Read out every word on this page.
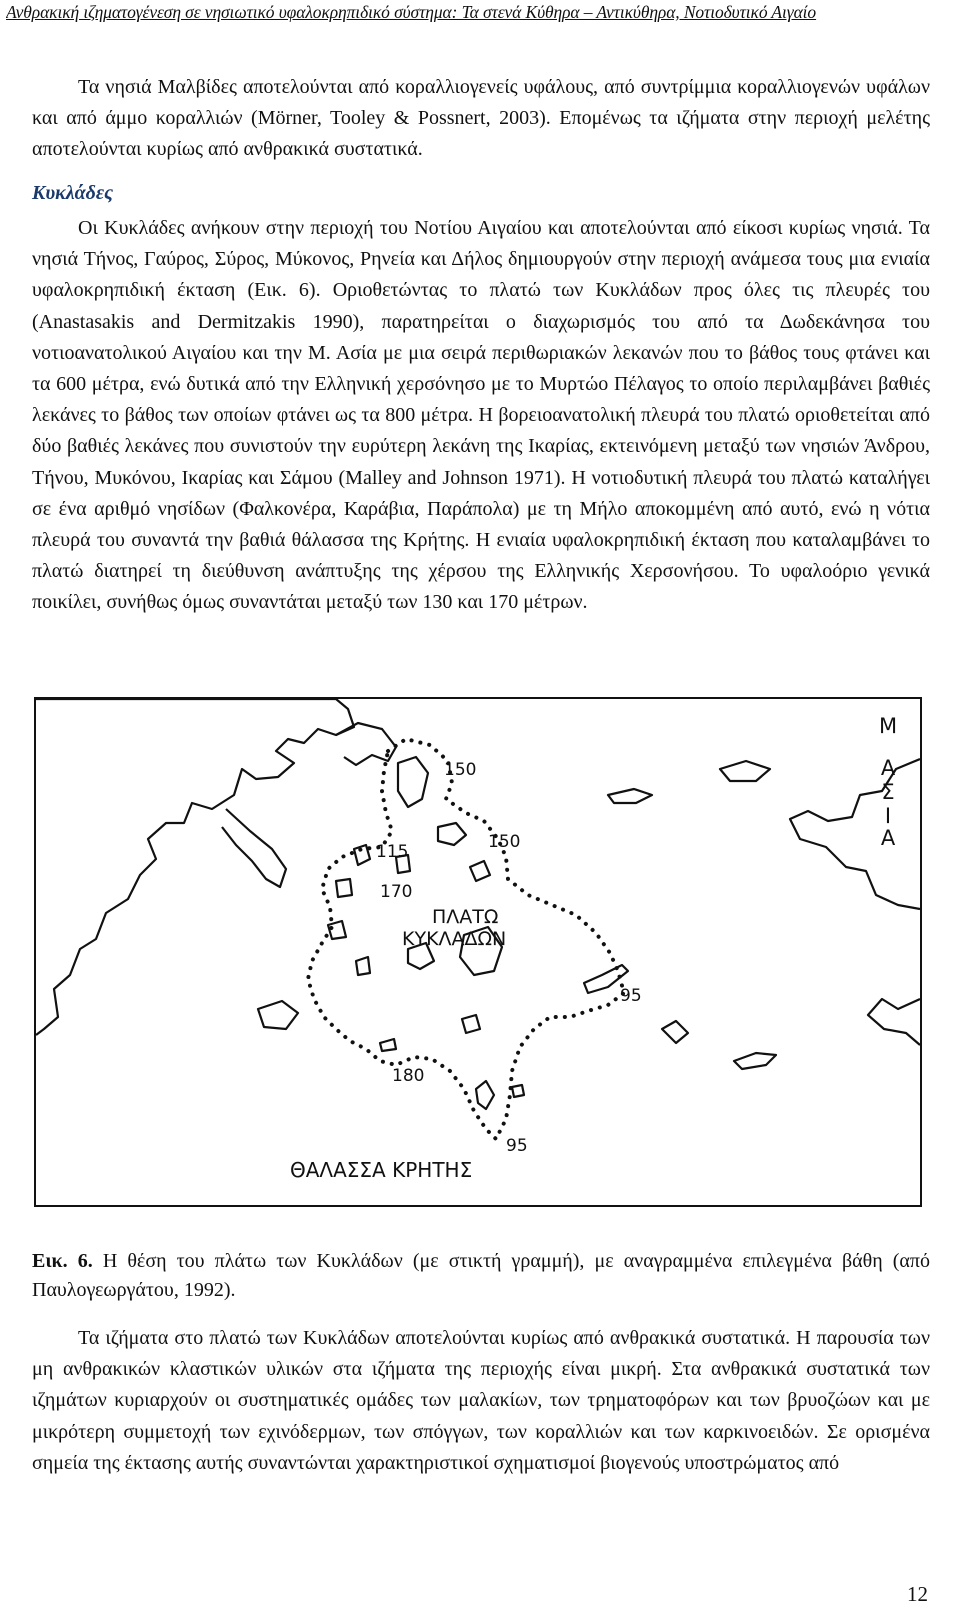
Ανθρακική ιζηματογένεση σε νησιωτικό υφαλοκρηπιδικό σύστημα: Τα στενά Κύθηρα – Αντικύθηρα, Νοτιοδυτικό Αιγαίο

Τα νησιά Μαλβίδες αποτελούνται από κοραλλιογενείς υφάλους, από συντρίμμια κοραλλιογενών υφάλων και από άμμο κοραλλιών (Mörner, Tooley & Possnert, 2003). Επομένως τα ιζήματα στην περιοχή μελέτης αποτελούνται κυρίως από ανθρακικά συστατικά.

Κυκλάδες

Οι Κυκλάδες ανήκουν στην περιοχή του Νοτίου Αιγαίου και αποτελούνται από είκοσι κυρίως νησιά. Τα νησιά Τήνος, Γαύρος, Σύρος, Μύκονος, Ρηνεία και Δήλος δημιουργούν στην περιοχή ανάμεσα τους μια ενιαία υφαλοκρηπιδική έκταση (Εικ. 6). Οριοθετώντας το πλατώ των Κυκλάδων προς όλες τις πλευρές του (Anastasakis and Dermitzakis 1990), παρατηρείται ο διαχωρισμός του από τα Δωδεκάνησα του νοτιοανατολικού Αιγαίου και την Μ. Ασία με μια σειρά περιθωριακών λεκανών που το βάθος τους φτάνει και τα 600 μέτρα, ενώ δυτικά από την Ελληνική χερσόνησο με το Μυρτώο Πέλαγος το οποίο περιλαμβάνει βαθιές λεκάνες το βάθος των οποίων φτάνει ως τα 800 μέτρα. Η βορειοανατολική πλευρά του πλατώ οριοθετείται από δύο βαθιές λεκάνες που συνιστούν την ευρύτερη λεκάνη της Ικαρίας, εκτεινόμενη μεταξύ των νησιών Άνδρου, Τήνου, Μυκόνου, Ικαρίας και Σάμου (Malley and Johnson 1971). Η νοτιοδυτική πλευρά του πλατώ καταλήγει σε ένα αριθμό νησίδων (Φαλκονέρα, Καράβια, Παράπολα) με τη Μήλο αποκομμένη από αυτό, ενώ η νότια πλευρά του συναντά την βαθιά θάλασσα της Κρήτης. Η ενιαία υφαλοκρηπιδική έκταση που καταλαμβάνει το πλατώ διατηρεί τη διεύθυνση ανάπτυξης της χέρσου της Ελληνικής Χερσονήσου. Το υφαλοόριο γενικά ποικίλει, συνήθως όμως συναντάται μεταξύ των 130 και 170 μέτρων.

Μ
Α
Σ
Ι
Α
ΠΛΑΤΩ
ΚΥΚΛΑΔΩΝ
ΘΑΛΑΣΣΑ ΚΡΗΤΗΣ
150
150
115
170
95
180
95
Εικ. 6. Η θέση του πλάτω των Κυκλάδων (με στικτή γραμμή), με αναγραμμένα επιλεγμένα βάθη (από Παυλογεωργάτου, 1992).

Τα ιζήματα στο πλατώ των Κυκλάδων αποτελούνται κυρίως από ανθρακικά συστατικά. Η παρουσία των μη ανθρακικών κλαστικών υλικών στα ιζήματα της περιοχής είναι μικρή. Στα ανθρακικά συστατικά των ιζημάτων κυριαρχούν οι συστηματικές ομάδες των μαλακίων, των τρηματοφόρων και των βρυοζώων και με μικρότερη συμμετοχή των εχινόδερμων, των σπόγγων, των κοραλλιών και των καρκινοειδών. Σε ορισμένα σημεία της έκτασης αυτής συναντώνται χαρακτηριστικοί σχηματισμοί βιογενούς υποστρώματος από

12
